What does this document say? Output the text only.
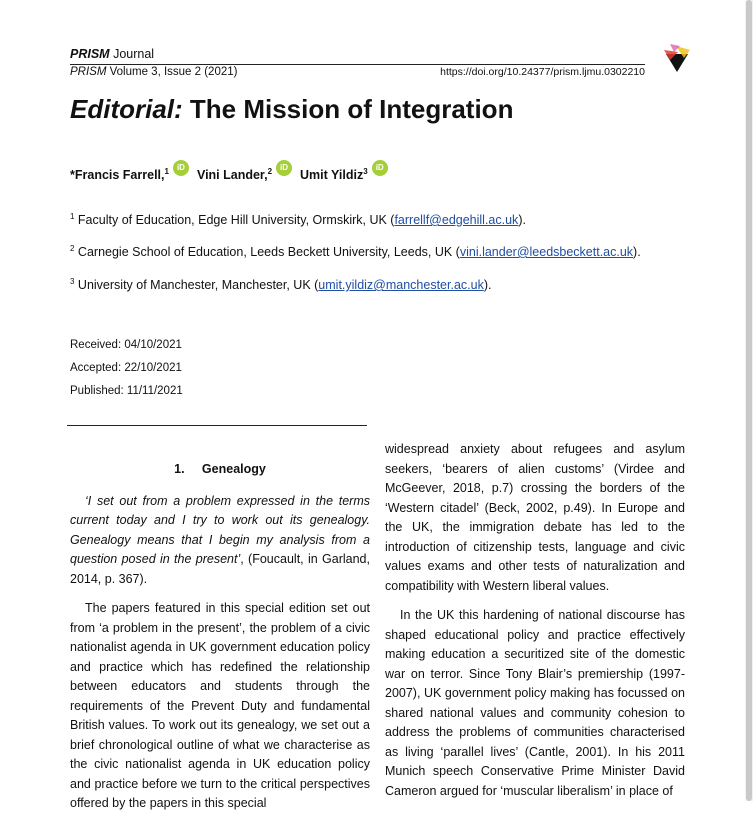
PRISM Journal
PRISM Volume 3, Issue 2 (2021)	https://doi.org/10.24377/prism.ljmu.0302210
Editorial: The Mission of Integration
*Francis Farrell,$^1$	iD
Vini Lander,$^2$	iD
Umit Yildiz$^3$	iD
$^1$ Faculty of Education, Edge Hill University, Ormskirk, UK (farrellf@edgehill.ac.uk).
$^2$ Carnegie School of Education, Leeds Beckett University, Leeds, UK (vini.lander@leedsbeckett.ac.uk).
$^3$ University of Manchester, Manchester, UK (umit.yildiz@manchester.ac.uk).
Received: 04/10/2021
Accepted: 22/10/2021
Published: 11/11/2021
1.     Genealogy

‘I set out from a problem expressed in the terms current today and I try to work out its genealogy. Genealogy means that I begin my analysis from a question posed in the present’, (Foucault, in Garland, 2014, p. 367).

The papers featured in this special edition set out from ‘a problem in the present’, the problem of a civic nationalist agenda in UK government education policy and practice which has redefined the relationship between educators and students through the requirements of the Prevent Duty and fundamental British values. To work out its genealogy, we set out a brief chronological outline of what we characterise as the civic nationalist agenda in UK education policy and practice before we turn to the critical perspectives offered by the papers in this special

widespread anxiety about refugees and asylum seekers, ‘bearers of alien customs’ (Virdee and McGeever, 2018, p.7) crossing the borders of the ‘Western citadel’ (Beck, 2002, p.49). In Europe and the UK, the immigration debate has led to the introduction of citizenship tests, language and civic values exams and other tests of naturalization and compatibility with Western liberal values.

In the UK this hardening of national discourse has shaped educational policy and practice effectively making education a securitized site of the domestic war on terror. Since Tony Blair’s premiership (1997-2007), UK government policy making has focussed on shared national values and community cohesion to address the problems of communities characterised as living ‘parallel lives’ (Cantle, 2001). In his 2011 Munich speech Conservative Prime Minister David Cameron argued for ‘muscular liberalism’ in place of
